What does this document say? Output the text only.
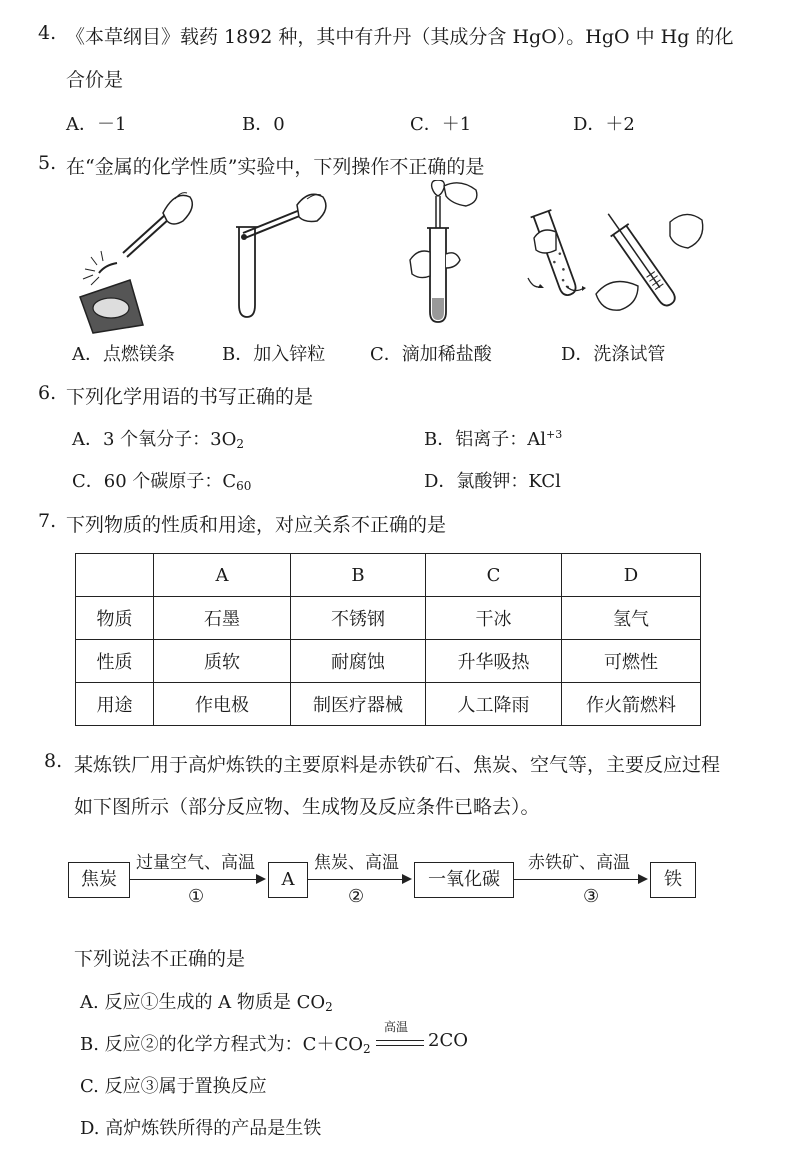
4. 《本草纲目》载药 1892 种，其中有升丹（其成分含 HgO）。HgO 中 Hg 的化
合价是
A．－1	B．0	C．＋1	D．＋2
5. 在“金属的化学性质”实验中，下列操作不正确的是
A．点燃镁条	B．加入锌粒 C．滴加稀盐酸	D．洗涤试管
6. 下列化学用语的书写正确的是
A．3 个氧分子：$3O_2$	B．铝离子：$Al^{+3}$
C．60 个碳原子：$C_{60}$	D．氯酸钾：KCl
7. 下列物质的性质和用途，对应关系不正确的是
	A	B	C	D
物质	石墨	不锈钢	干冰	氢气
性质	质软	耐腐蚀	升华吸热	可燃性
用途	作电极	制医疗器械	人工降雨	作火箭燃料
8. 某炼铁厂用于高炉炼铁的主要原料是赤铁矿石、焦炭、空气等，主要反应过程
如下图所示（部分反应物、生成物及反应条件已略去）。
焦炭
过量空气、高温
①
A
焦炭、高温
②
一氧化碳
赤铁矿、高温
③
铁
下列说法不正确的是
A. 反应①生成的 A 物质是 $CO_2$
B. 反应②的化学方程式为：$C+CO_2$
高温
2CO
C. 反应③属于置换反应
D. 高炉炼铁所得的产品是生铁
